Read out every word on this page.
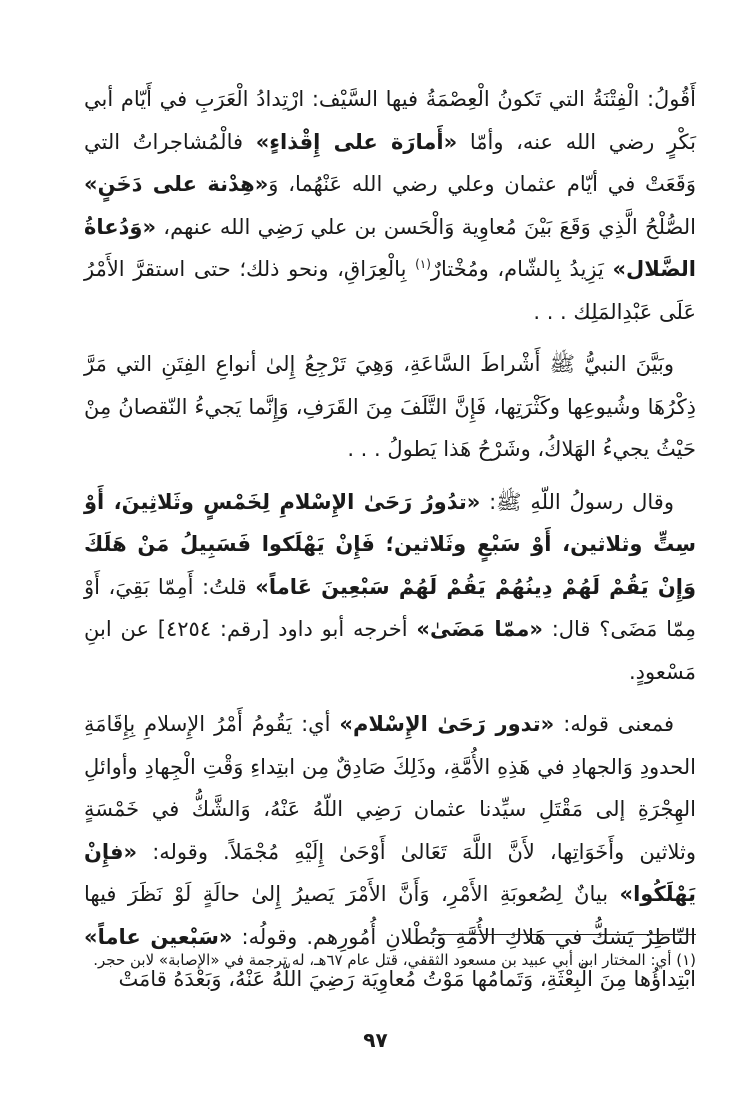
أَقُولُ: الْفِتْنَةُ التي تَكونُ الْعِصْمَةُ فيها السَّيْف: ارْتِدادُ الْعَرَبِ في أَيّام أبي بَكْرٍ رضي الله عنه، وأمّا «أَمارَة على إِقْذاءٍ» فالْمُشاجراتُ التي وَقَعَتْ في أيّام عثمان وعلي رضي الله عَنْهُما، وَ«هِدْنة على دَخَنٍ» الصُّلْحُ الَّذِي وَقَعَ بَيْنَ مُعاوِية وَالْحَسن بن علي رَضِي الله عنهم، «وَدُعاةُ الضَّلال» يَزِيدُ بِالشّام، ومُخْتارٌ$^{(١)}$ بِالْعِرَاقِ، ونحو ذلك؛ حتى استقرَّ الأَمْرُ عَلَى عَبْدِالمَلِك . . .

وبَيَّنَ النبيُّ ﷺ أَشْراطَ السَّاعَةِ، وَهِيَ تَرْجِعُ إِلىٰ أنواعِ الفِتَنِ التي مَرَّ ذِكْرُهَا وشُيوعِها وكَثْرَتِها، فَإِنَّ التَّلَفَ مِنَ القَرَفِ، وَإِنَّما يَجيءُ النّقصانُ مِنْ حَيْثُ يجيءُ الهَلاكُ، وشَرْحُ هَذا يَطولُ . . .

وقال رسولُ اللّهِ ﷺ: «تدُورُ رَحَىٰ الإِسْلامِ لِخَمْسٍ وثَلاثِينَ، أَوْ سِتٍّ وثلاثين، أَوْ سَبْعٍ وثَلاثين؛ فَإِنْ يَهْلَكوا فَسَبِيلُ مَنْ هَلَكَ وَإِنْ يَقُمْ لَهُمْ دِينُهُمْ يَقُمْ لَهُمْ سَبْعِينَ عَاماً» قلتُ: أَمِمّا بَقِيَ، أَوْ مِمّا مَضَى؟ قال: «ممّا مَضَىٰ» أخرجه أبو داود [رقم: ٤٢٥٤] عن ابنِ مَسْعودٍ.

فمعنى قوله: «تدور رَحَىٰ الإِسْلام» أي: يَقُومُ أَمْرُ الإِسلامِ بِإِقَامَةِ الحدودِ وَالجهادِ في هَذِهِ الأُمَّةِ، وذَلِكَ صَادِقٌ مِن ابتِداءِ وَقْتِ الْجِهادِ وأوائلِ الهِجْرَةِ إلى مَقْتَلِ سيِّدنا عثمان رَضِي اللّهُ عَنْهُ، وَالشَّكُّ في خَمْسَةٍ وثلاثين وأَخَوَاتِها، لأَنَّ اللَّهَ تَعَالىٰ أَوْحَىٰ إِلَيْهِ مُجْمَلاً. وقوله: «فإِنْ يَهْلَكُوا» بيانٌ لِصُعوبَةِ الأَمْرِ، وَأَنَّ الأَمْرَ يَصيرُ إِلىٰ حالَةٍ لَوْ نَظَرَ فيها النّاظِرُ يَشكُّ في هَلاكِ الأُمَّةِ وَبُطْلانِ أُمُورِهم. وقولُه: «سَبْعين عاماً» ابْتِداؤُها مِنَ الْبِعْثَةِ، وَتَمامُها مَوْتُ مُعاوِيَة رَضِيَ اللّهُ عَنْهُ، وَبَعْدَهُ قامَتْ

(١) أي: المختار ابن أبي عبيد بن مسعود الثقفي، قتل عام ٦٧هـ، له ترجمة في «الإصابة» لابن حجر.

٩٧
